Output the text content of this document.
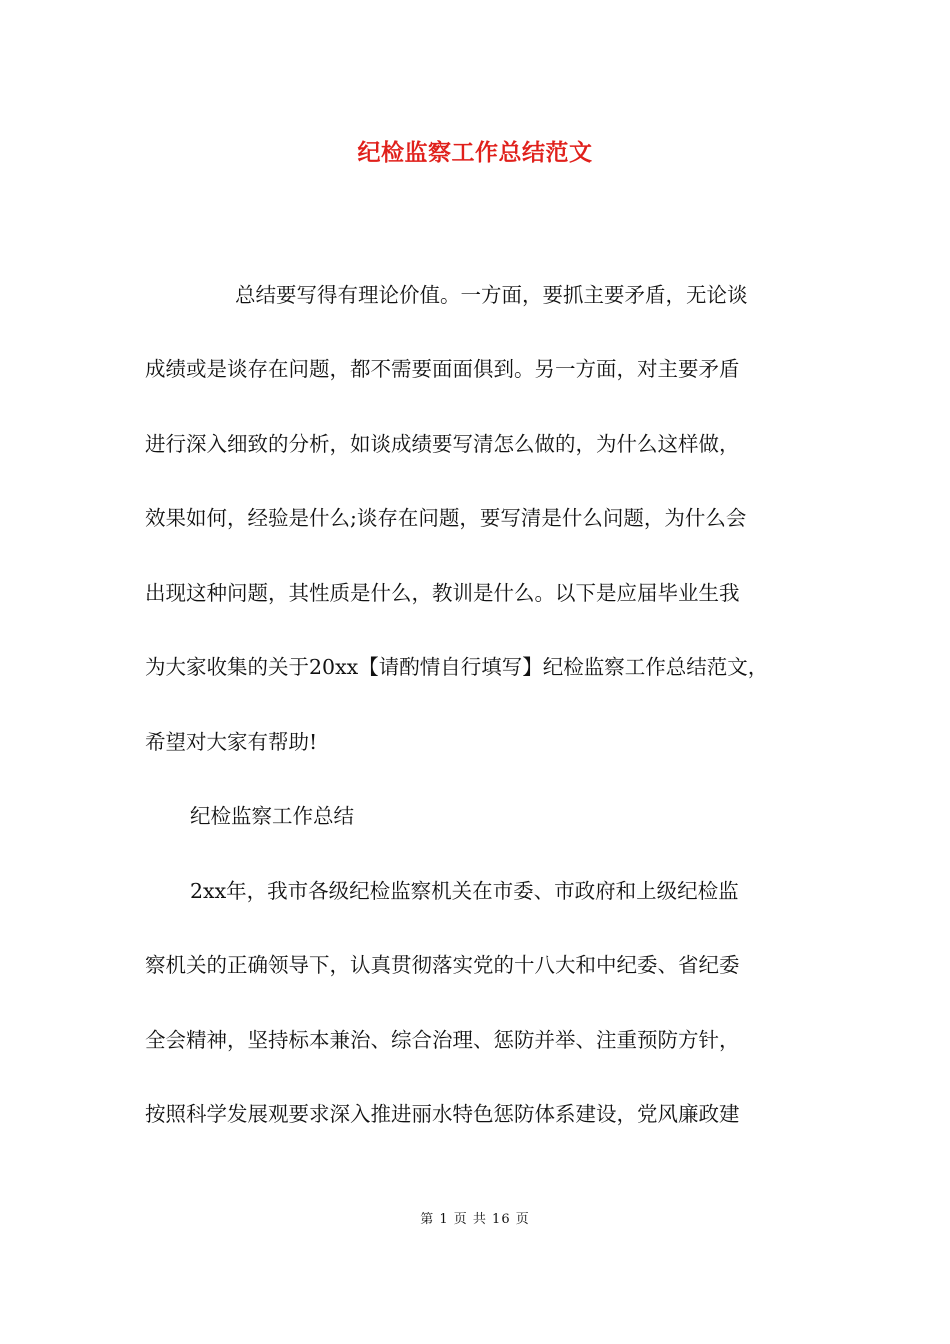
纪检监察工作总结范文
总结要写得有理论价值。一方面，要抓主要矛盾，无论谈
成绩或是谈存在问题，都不需要面面俱到。另一方面，对主要矛盾
进行深入细致的分析，如谈成绩要写清怎么做的，为什么这样做，
效果如何，经验是什么;谈存在问题，要写清是什么问题，为什么会
出现这种问题，其性质是什么，教训是什么。以下是应届毕业生我
为大家收集的关于20xx【请酌情自行填写】纪检监察工作总结范文，
希望对大家有帮助!
纪检监察工作总结
2xx年，我市各级纪检监察机关在市委、市政府和上级纪检监
察机关的正确领导下，认真贯彻落实党的十八大和中纪委、省纪委
全会精神，坚持标本兼治、综合治理、惩防并举、注重预防方针，
按照科学发展观要求深入推进丽水特色惩防体系建设，党风廉政建
第 1 页 共 16 页
